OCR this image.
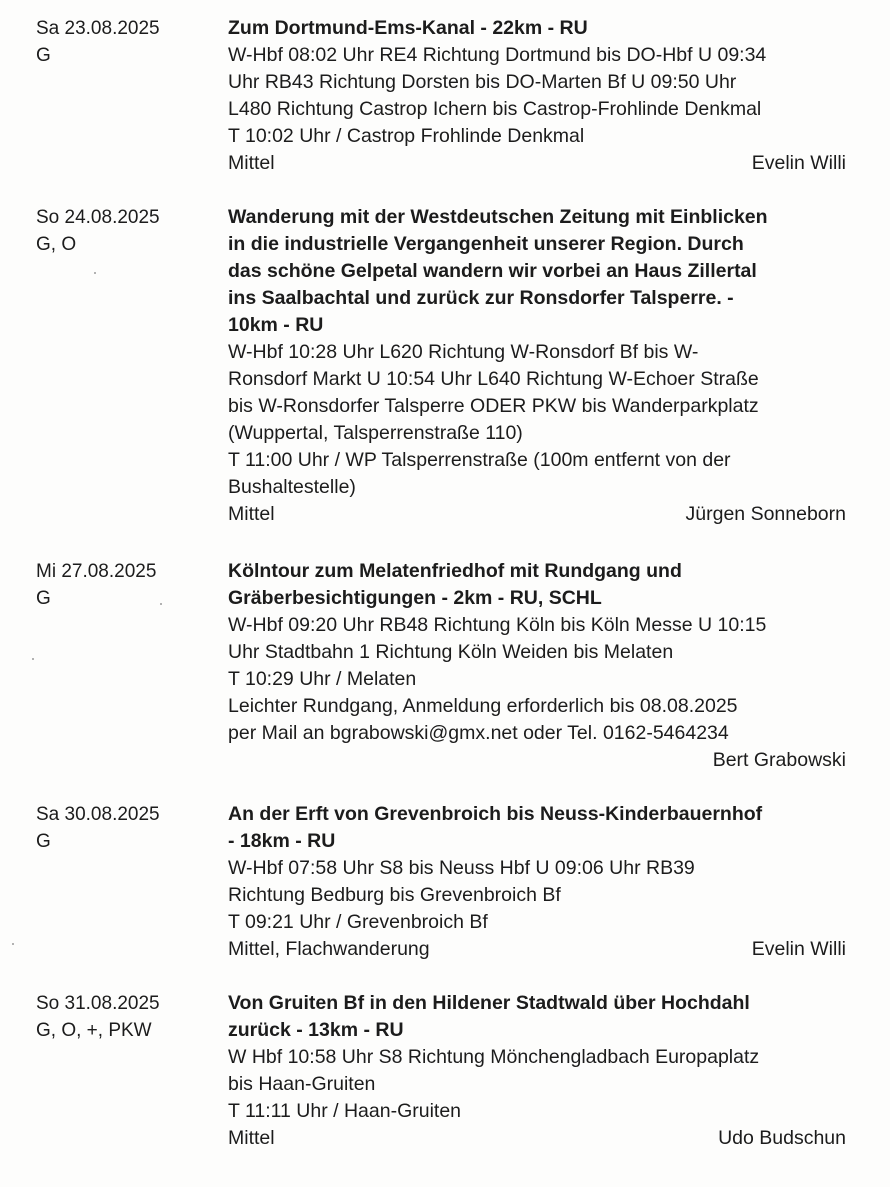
Sa 23.08.2025
G
Zum Dortmund-Ems-Kanal - 22km - RU
W-Hbf 08:02 Uhr RE4 Richtung Dortmund bis DO-Hbf U 09:34
Uhr RB43 Richtung Dorsten bis DO-Marten Bf U 09:50 Uhr
L480 Richtung Castrop Ichern bis Castrop-Frohlinde Denkmal
T 10:02 Uhr / Castrop Frohlinde Denkmal
Mittel	Evelin Willi
So 24.08.2025
G, O
Wanderung mit der Westdeutschen Zeitung mit Einblicken
in die industrielle Vergangenheit unserer Region. Durch
das schöne Gelpetal wandern wir vorbei an Haus Zillertal
ins Saalbachtal und zurück zur Ronsdorfer Talsperre. -
10km - RU
W-Hbf 10:28 Uhr L620 Richtung W-Ronsdorf Bf bis W-
Ronsdorf Markt U 10:54 Uhr L640 Richtung W-Echoer Straße
bis W-Ronsdorfer Talsperre ODER PKW bis Wanderparkplatz
(Wuppertal, Talsperrenstraße 110)
T 11:00 Uhr / WP Talsperrenstraße (100m entfernt von der
Bushaltestelle)
Mittel	Jürgen Sonneborn
Mi 27.08.2025
G
Kölntour zum Melatenfriedhof mit Rundgang und
Gräberbesichtigungen - 2km - RU, SCHL
W-Hbf 09:20 Uhr RB48 Richtung Köln bis Köln Messe U 10:15
Uhr Stadtbahn 1 Richtung Köln Weiden bis Melaten
T 10:29 Uhr / Melaten
Leichter Rundgang, Anmeldung erforderlich bis 08.08.2025
per Mail an bgrabowski@gmx.net oder Tel. 0162-5464234
Bert Grabowski
Sa 30.08.2025
G
An der Erft von Grevenbroich bis Neuss-Kinderbauernhof
- 18km - RU
W-Hbf 07:58 Uhr S8 bis Neuss Hbf U 09:06 Uhr RB39
Richtung Bedburg bis Grevenbroich Bf
T 09:21 Uhr / Grevenbroich Bf
Mittel, Flachwanderung	Evelin Willi
So 31.08.2025
G, O, +, PKW
Von Gruiten Bf in den Hildener Stadtwald über Hochdahl
zurück - 13km - RU
W Hbf 10:58 Uhr S8 Richtung Mönchengladbach Europaplatz
bis Haan-Gruiten
T 11:11 Uhr / Haan-Gruiten
Mittel	Udo Budschun
